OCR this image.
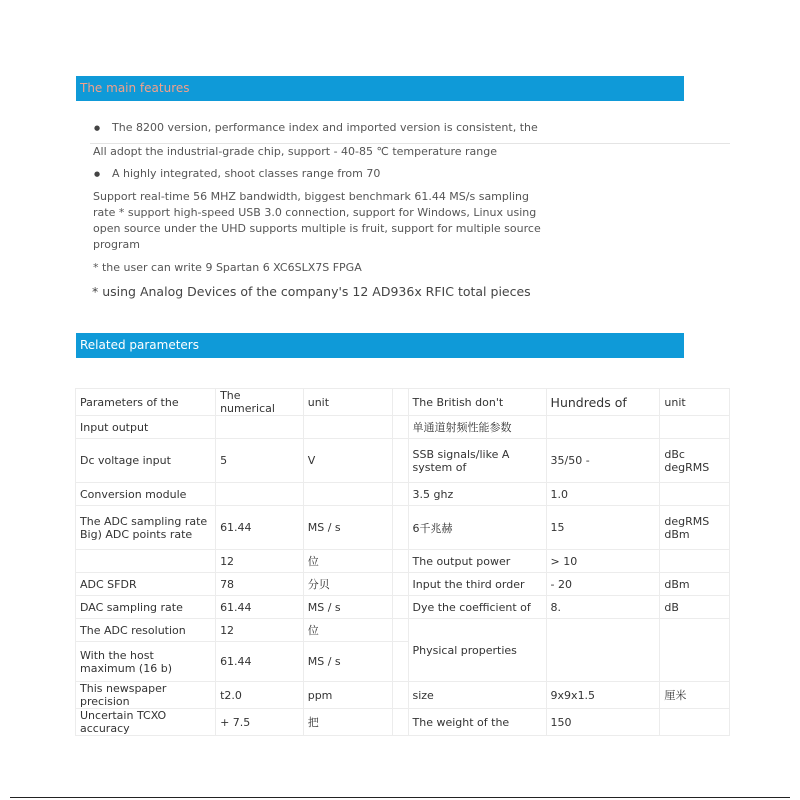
The main features
● The 8200 version, performance index and imported version is consistent, the
All adopt the industrial-grade chip, support - 40-85 ℃ temperature range
● A highly integrated, shoot classes range from 70
Support real-time 56 MHZ bandwidth, biggest benchmark 61.44 MS/s sampling rate * support high-speed USB 3.0 connection, support for Windows, Linux using open source under the UHD supports multiple is fruit, support for multiple source program
* the user can write 9 Spartan 6 XC6SLX7S FPGA
* using Analog Devices of the company's 12 AD936x RFIC total pieces
Related parameters
Parameters of the	The numerical	unit		The British don't	Hundreds of	unit
Input output				单通道射频性能参数		
Dc voltage input	5	V		SSB signals/like A system of	35/50 -	dBc degRMS
Conversion module				3.5 ghz	1.0	
The ADC sampling rate Big) ADC points rate	61.44	MS / s		6千兆赫	15	degRMS dBm
	12	位		The output power	> 10	
ADC SFDR	78	分贝		Input the third order	- 20	dBm
DAC sampling rate	61.44	MS / s		Dye the coefficient of	8.	dB
The ADC resolution	12	位		Physical properties		
With the host maximum (16 b)	61.44	MS / s				
This newspaper precision	t2.0	ppm		size	9x9x1.5	厘米
Uncertain TCXO accuracy	+ 7.5	把		The weight of the	150	
